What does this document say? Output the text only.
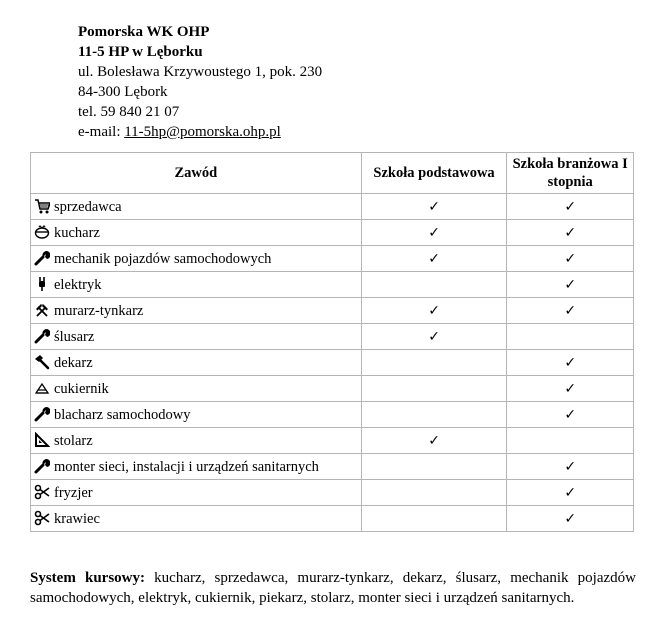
Pomorska WK OHP
11-5 HP w Lęborku
ul. Bolesława Krzywoustego 1, pok. 230
84-300 Lębork
tel. 59 840 21 07
e-mail: 11-5hp@pomorska.ohp.pl
Zawód	Szkoła podstawowa	Szkoła branżowa I stopnia
sprzedawca	✓	✓
kucharz	✓	✓
mechanik pojazdów samochodowych	✓	✓
elektryk		✓
murarz-tynkarz	✓	✓
ślusarz	✓	
dekarz		✓
cukiernik		✓
blacharz samochodowy		✓
stolarz	✓	
monter sieci, instalacji i urządzeń sanitarnych		✓
fryzjer		✓
krawiec		✓
System kursowy: kucharz, sprzedawca, murarz-tynkarz, dekarz, ślusarz, mechanik pojazdów samochodowych, elektryk, cukiernik, piekarz, stolarz, monter sieci i urządzeń sanitarnych.
